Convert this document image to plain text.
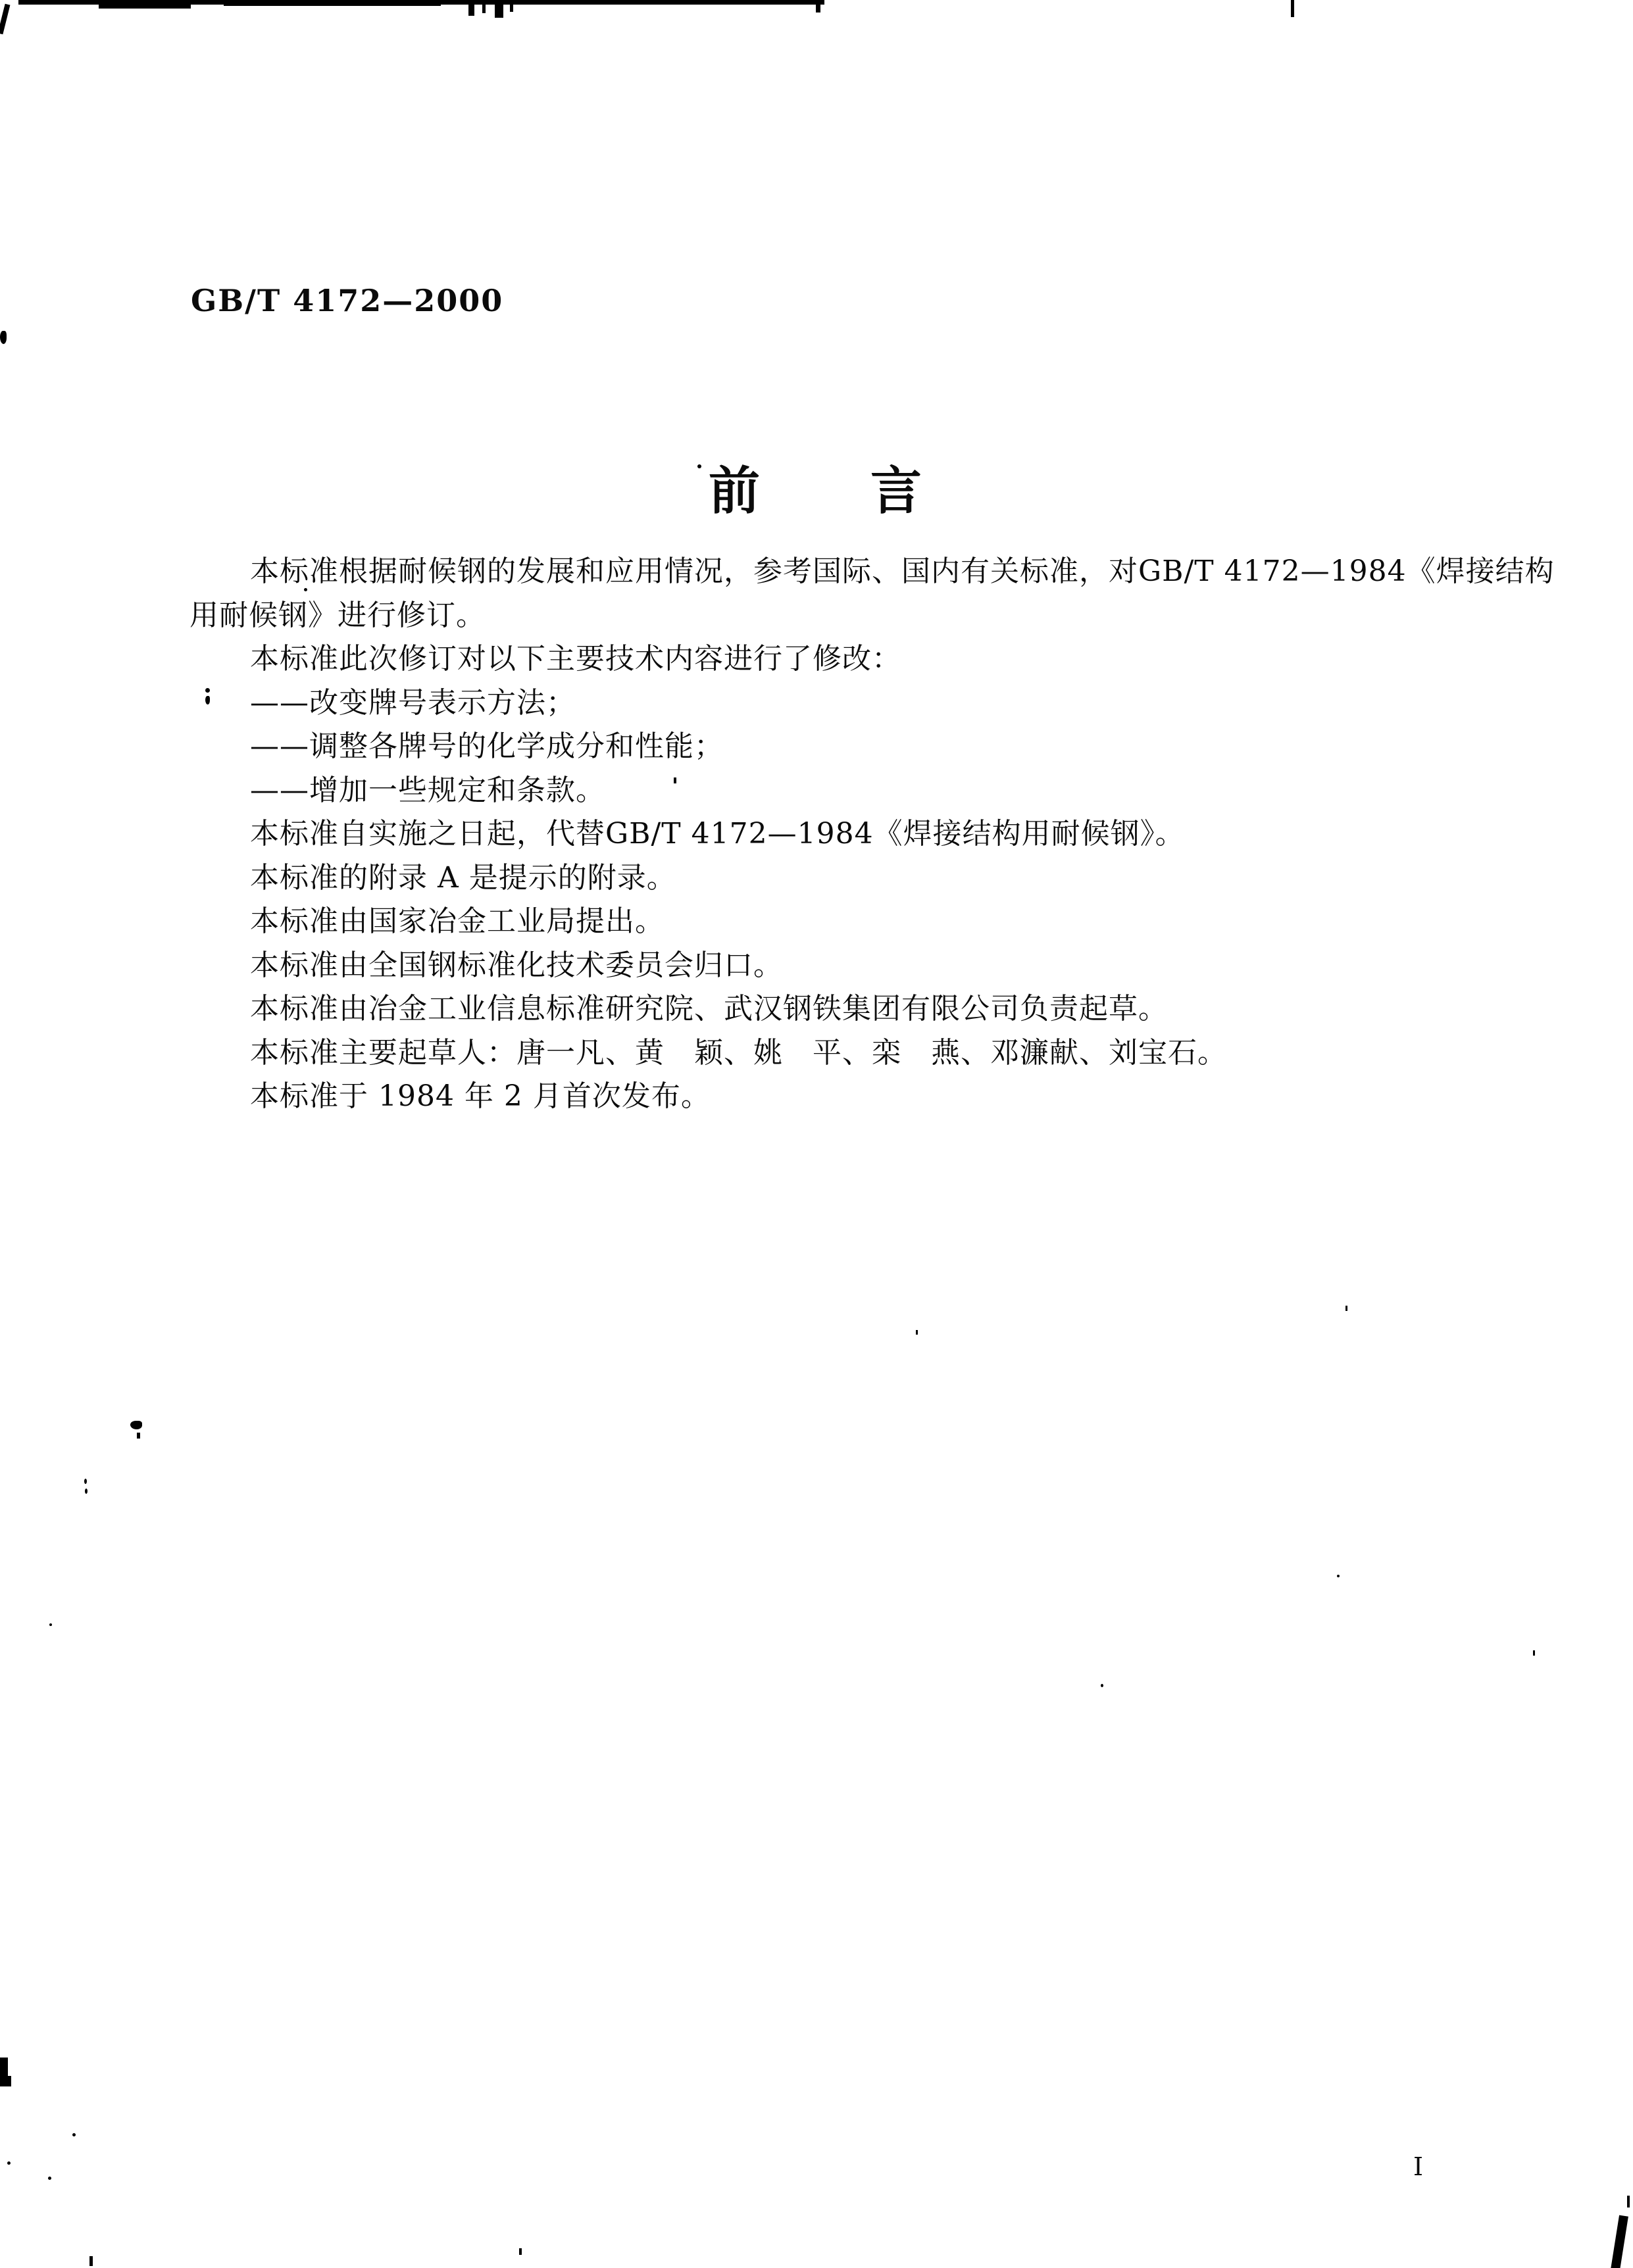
GB/T 4172—2000
前　　言
本标准根据耐候钢的发展和应用情况，参考国际、国内有关标准，对GB/T 4172—1984《焊接结构
用耐候钢》进行修订。
本标准此次修订对以下主要技术内容进行了修改：
——改变牌号表示方法；
——调整各牌号的化学成分和性能；
——增加一些规定和条款。
本标准自实施之日起，代替GB/T 4172—1984《焊接结构用耐候钢》。
本标准的附录 A 是提示的附录。
本标准由国家冶金工业局提出。
本标准由全国钢标准化技术委员会归口。
本标准由冶金工业信息标准研究院、武汉钢铁集团有限公司负责起草。
本标准主要起草人：唐一凡、黄　颖、姚　平、栾　燕、邓濂献、刘宝石。
本标准于 1984 年 2 月首次发布。
I
